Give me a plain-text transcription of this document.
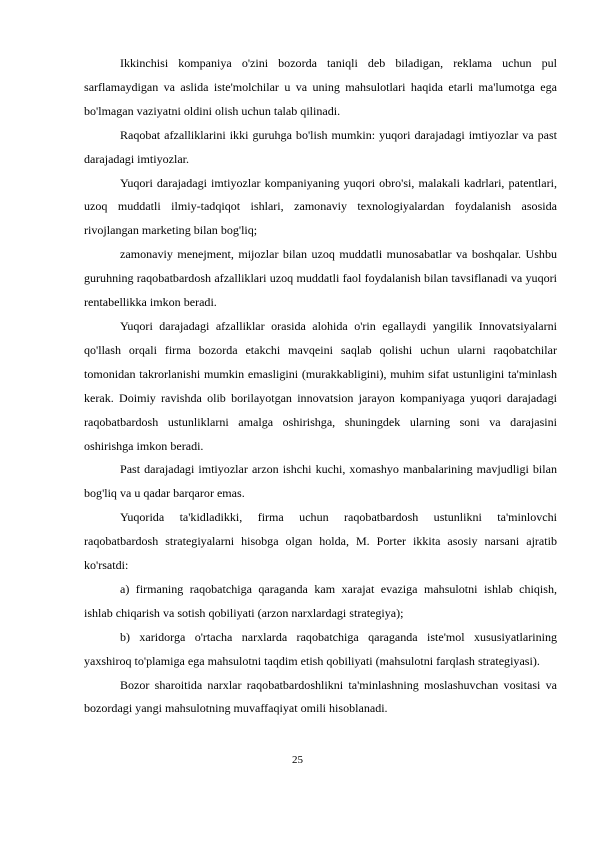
Ikkinchisi kompaniya o'zini bozorda taniqli deb biladigan, reklama uchun pul sarflamaydigan va aslida iste'molchilar u va uning mahsulotlari haqida etarli ma'lumotga ega bo'lmagan vaziyatni oldini olish uchun talab qilinadi.

Raqobat afzalliklarini ikki guruhga bo'lish mumkin: yuqori darajadagi imtiyozlar va past darajadagi imtiyozlar.

Yuqori darajadagi imtiyozlar kompaniyaning yuqori obro'si, malakali kadrlari, patentlari, uzoq muddatli ilmiy-tadqiqot ishlari, zamonaviy texnologiyalardan foydalanish asosida rivojlangan marketing bilan bog'liq;

zamonaviy menejment, mijozlar bilan uzoq muddatli munosabatlar va boshqalar. Ushbu guruhning raqobatbardosh afzalliklari uzoq muddatli faol foydalanish bilan tavsiflanadi va yuqori rentabellikka imkon beradi.

Yuqori darajadagi afzalliklar orasida alohida o'rin egallaydi yangilik Innovatsiyalarni qo'llash orqali firma bozorda etakchi mavqeini saqlab qolishi uchun ularni raqobatchilar tomonidan takrorlanishi mumkin emasligini (murakkabligini), muhim sifat ustunligini ta'minlash kerak. Doimiy ravishda olib borilayotgan innovatsion jarayon kompaniyaga yuqori darajadagi raqobatbardosh ustunliklarni amalga oshirishga, shuningdek ularning soni va darajasini oshirishga imkon beradi.

Past darajadagi imtiyozlar arzon ishchi kuchi, xomashyo manbalarining mavjudligi bilan bog'liq va u qadar barqaror emas.

Yuqorida ta'kidladikki, firma uchun raqobatbardosh ustunlikni ta'minlovchi raqobatbardosh strategiyalarni hisobga olgan holda, M. Porter ikkita asosiy narsani ajratib ko'rsatdi:

a) firmaning raqobatchiga qaraganda kam xarajat evaziga mahsulotni ishlab chiqish, ishlab chiqarish va sotish qobiliyati (arzon narxlardagi strategiya);

b) xaridorga o'rtacha narxlarda raqobatchiga qaraganda iste'mol xususiyatlarining yaxshiroq to'plamiga ega mahsulotni taqdim etish qobiliyati (mahsulotni farqlash strategiyasi).

Bozor sharoitida narxlar raqobatbardoshlikni ta'minlashning moslashuvchan vositasi va bozordagi yangi mahsulotning muvaffaqiyat omili hisoblanadi.

25
